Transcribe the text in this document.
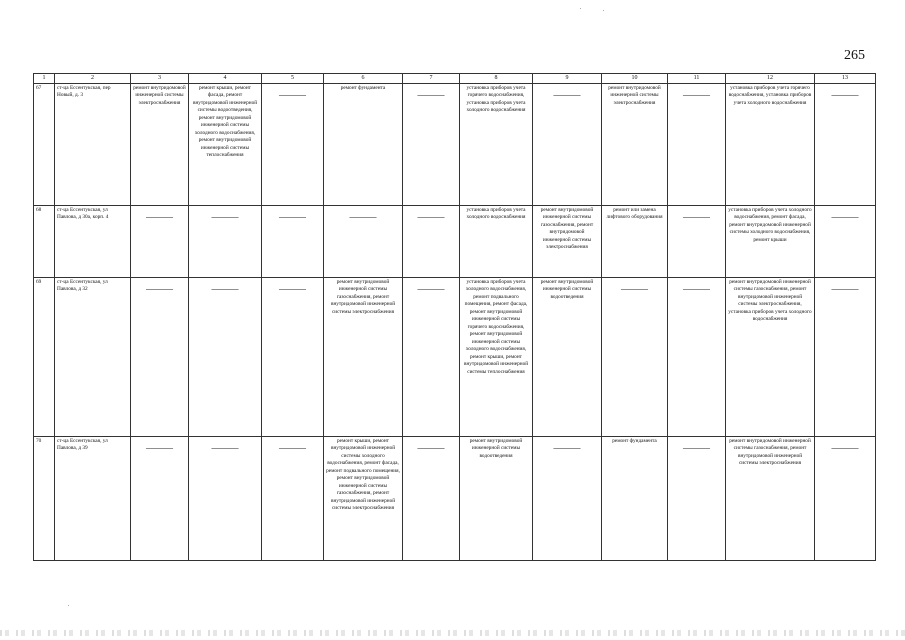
265
1	2	3	4	5	6	7	8	9	10	11	12	13
67	ст-ца Ессентукская, пер Новый, д. 3	ремонт внутридомовой инженерной системы электроснабжения	ремонт крыши, ремонт фасада, ремонт внутридомовой инженерной системы водоотведения, ремонт внутридомовой инженерной системы холодного водоснабжения, ремонт внутридомовой инженерной системы теплоснабжения	———	ремонт фундамента	———	установка приборов учета горячего водоснабжения, установка приборов учета холодного водоснабжения	———	ремонт внутридомовой инженерной системы электроснабжения	———	установка приборов учета горячего водоснабжения, установка приборов учета холодного водоснабжения	———
68	ст-ца Ессентукская, ул Павлова, д 30а, корп. 4	———	———	———	———	———	установка приборов учета холодного водоснабжения	ремонт внутридомовой инженерной системы газоснабжения, ремонт внутридомовой инженерной системы электроснабжения	ремонт или замена лифтового оборудования	———	установка приборов учета холодного водоснабжения, ремонт фасада, ремонт внутридомовой инженерной системы холодного водоснабжения, ремонт крыши	———
69	ст-ца Ессентукская, ул Павлова, д 32	———	———	———	ремонт внутридомовой инженерной системы газоснабжения, ремонт внутридомовой инженерной системы электроснабжения	———	установка приборов учета холодного водоснабжения, ремонт подвального помещения, ремонт фасада, ремонт внутридомовой инженерной системы горячего водоснабжения, ремонт внутридомовой инженерной системы холодного водоснабжения, ремонт крыши, ремонт внутридомовой инженерной системы теплоснабжения	ремонт внутридомовой инженерной системы водоотведения	———	———	ремонт внутридомовой инженерной системы газоснабжения, ремонт внутридомовой инженерной системы электроснабжения, установка приборов учета холодного водоснабжения	———
70	ст-ца Ессентукская, ул Павлова, д 39	———	———	———	ремонт крыши, ремонт внутридомовой инженерной системы холодного водоснабжения, ремонт фасада, ремонт подвального помещения, ремонт внутридомовой инженерной системы газоснабжения, ремонт внутридомовой инженерной системы электроснабжения	———	ремонт внутридомовой инженерной системы водоотведения	———	ремонт фундамента	———	ремонт внутридомовой инженерной системы газоснабжения, ремонт внутридомовой инженерной системы электроснабжения	———
